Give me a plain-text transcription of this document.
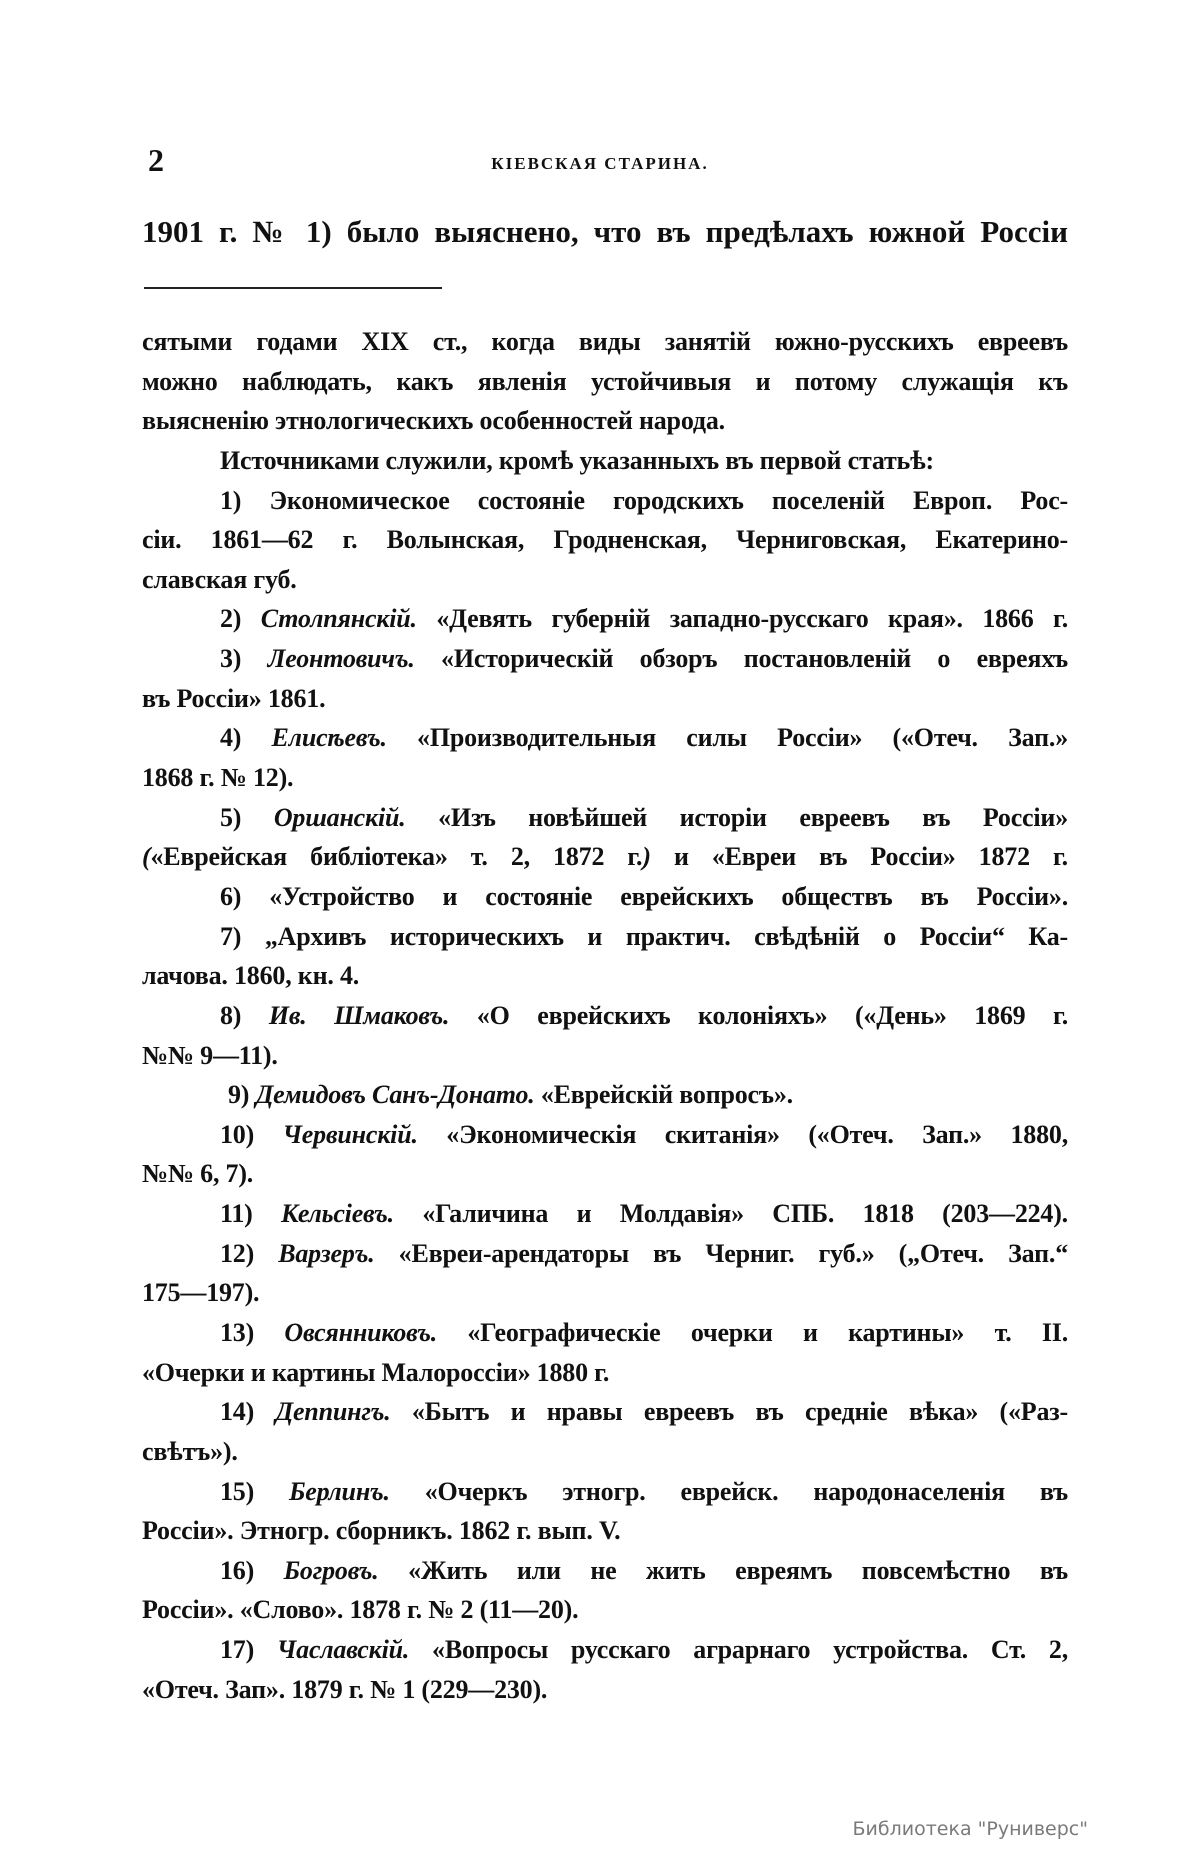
2	КІЕВСКАЯ СТАРИНА.
1901 г. № 1) было выяснено, что въ предѣлахъ южной Россіи
сятыми годами XIX ст., когда виды занятій южно-русскихъ евреевъ
можно наблюдать, какъ явленія устойчивыя и потому служащія къ
выясненію этнологическихъ особенностей народа.
Источниками служили, кромѣ указанныхъ въ первой статьѣ:
1) Экономическое состояніе городскихъ поселеній Европ. Рос-
сіи. 1861—62 г. Волынская, Гродненская, Черниговская, Екатерино-
славская губ.
2) Столпянскій. «Девять губерній западно-русскаго края». 1866 г.
3) Леонтовичъ. «Историческій обзоръ постановленій о евреяхъ
въ Россіи» 1861.
4) Елисѣевъ. «Производительныя силы Россіи» («Отеч. Зап.»
1868 г. № 12).
5) Оршанскій. «Изъ новѣйшей исторіи евреевъ въ Россіи»
(«Еврейская библіотека» т. 2, 1872 г.) и «Евреи въ Россіи» 1872 г.
6) «Устройство и состояніе еврейскихъ обществъ въ Россіи».
7) „Архивъ историческихъ и практич. свѣдѣній о Россіи“ Ка-
лачова. 1860, кн. 4.
8) Ив. Шмаковъ. «О еврейскихъ колоніяхъ» («День» 1869 г.
№№ 9—11).
9) Демидовъ Санъ-Донато. «Еврейскій вопросъ».
10) Червинскій. «Экономическія скитанія» («Отеч. Зап.» 1880,
№№ 6, 7).
11) Кельсіевъ. «Галичина и Молдавія» СПБ. 1818 (203—224).
12) Варзеръ. «Евреи-арендаторы въ Черниг. губ.» („Отеч. Зап.“
175—197).
13) Овсянниковъ. «Географическіе очерки и картины» т. II.
«Очерки и картины Малороссіи» 1880 г.
14) Деппингъ. «Бытъ и нравы евреевъ въ средніе вѣка» («Раз-
свѣтъ»).
15) Берлинъ. «Очеркъ этногр. еврейск. народонаселенія въ
Россіи». Этногр. сборникъ. 1862 г. вып. V.
16) Богровъ. «Жить или не жить евреямъ повсемѣстно въ
Россіи». «Слово». 1878 г. № 2 (11—20).
17) Чаславскій. «Вопросы русскаго аграрнаго устройства. Ст. 2,
«Отеч. Зап». 1879 г. № 1 (229—230).
Библиотека "Руниверс"
